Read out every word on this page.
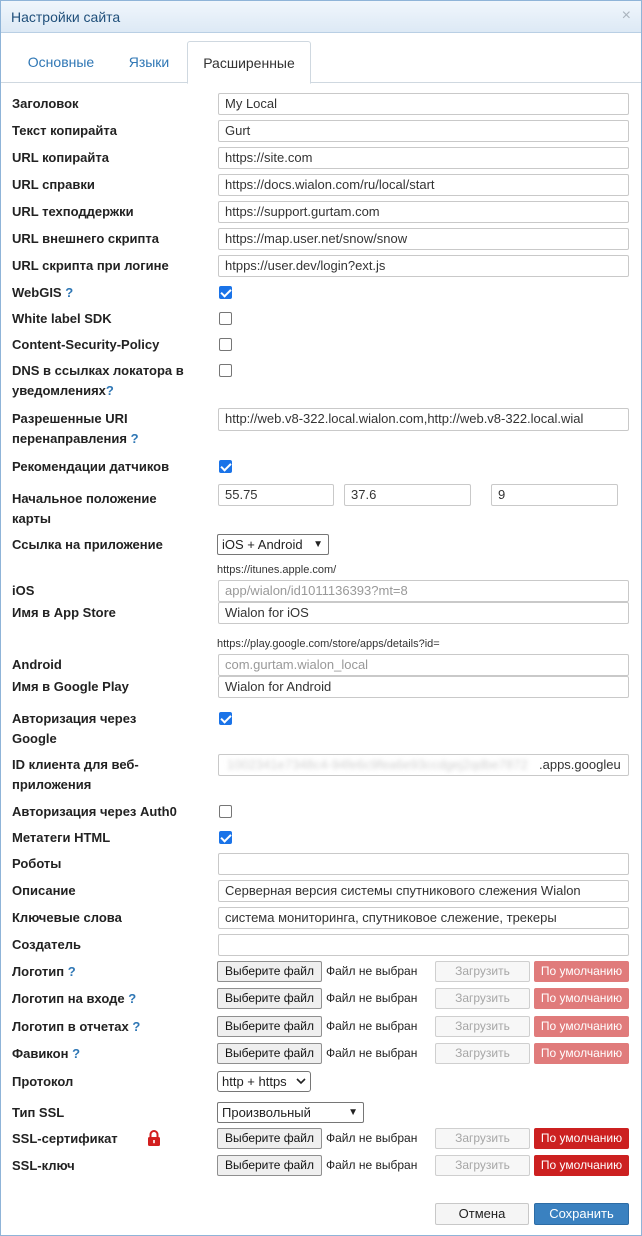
Настройки сайта	×
Основные	Языки	Расширенные
Заголовок	My Local
Текст копирайта	Gurt
URL копирайта	https://site.com
URL справки	https://docs.wialon.com/ru/local/start
URL техподдержки	https://support.gurtam.com
URL внешнего скрипта	https://map.user.net/snow/snow
URL скрипта при логине	htpps://user.dev/login?ext.js
WebGIS ?
White label SDK
Content-Security-Policy
DNS в ссылках локатора в
уведомлениях?
Разрешенные URI
перенаправления ?
http://web.v8-322.local.wialon.com,http://web.v8-322.local.wial
Рекомендации датчиков
Начальное положение
карты
55.75	37.6	9
Ссылка на приложение	iOS + Android ▼
https://itunes.apple.com/
iOS	app/wialon/id1011136393?mt=8
Имя в App Store	Wialon for iOS
https://play.google.com/store/apps/details?id=
Android	com.gurtam.wialon_local
Имя в Google Play	Wialon for Android
Авторизация через
Google
ID клиента для веб-
приложения
1002341e7348c4-94fe6c9fea6e93ccdgej2qdbe7872 .apps.googleu
Авторизация через Auth0
Метатеги HTML
Роботы
Описание	Серверная версия системы спутникового слежения Wialon
Ключевые слова	система мониторинга, спутниковое слежение, трекеры
Создатель
Логотип ?	Выберите файл Файл не выбран	Загрузить	По умолчанию
Логотип на входе ?	Выберите файл Файл не выбран	Загрузить	По умолчанию
Логотип в отчетах ?	Выберите файл Файл не выбран	Загрузить	По умолчанию
Фавикон ?	Выберите файл Файл не выбран	Загрузить	По умолчанию
Протокол	http + https
Тип SSL	Произвольный	▼
SSL-сертификат	Выберите файл Файл не выбран	Загрузить	По умолчанию
SSL-ключ	Выберите файл Файл не выбран	Загрузить	По умолчанию
Отмена	Сохранить
